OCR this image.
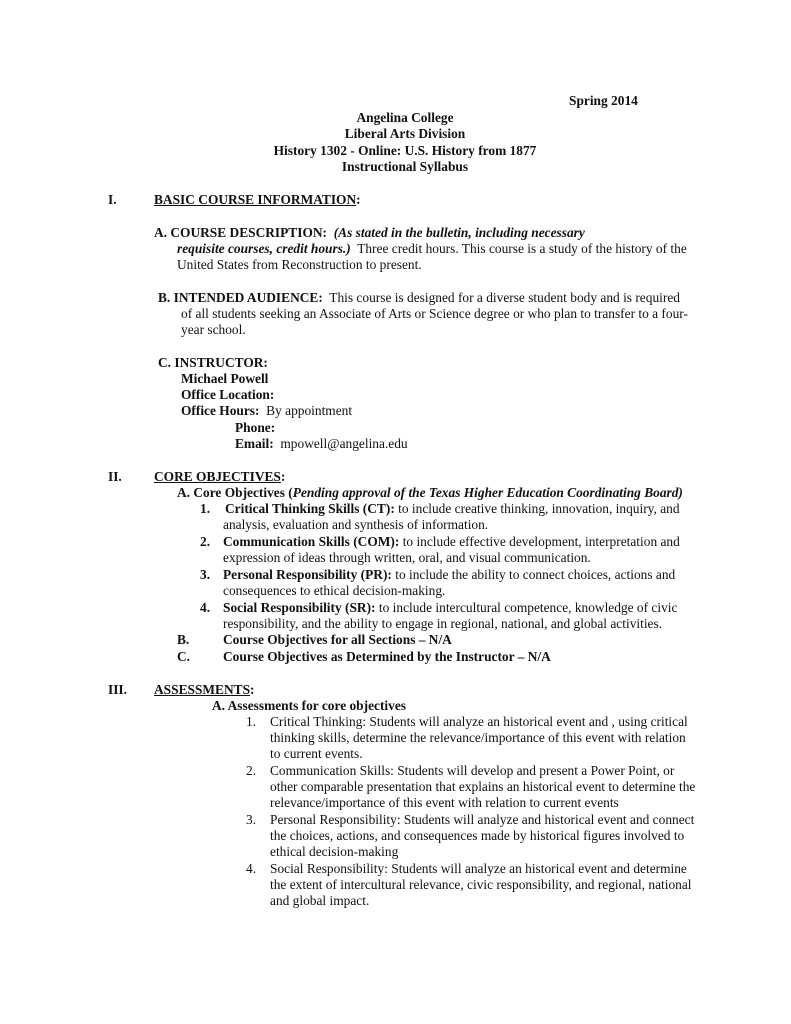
Spring 2014
Angelina College
Liberal Arts Division
History 1302 - Online: U.S. History from 1877
Instructional Syllabus
I.	BASIC COURSE INFORMATION:
A. COURSE DESCRIPTION: (As stated in the bulletin, including necessary
requisite courses, credit hours.) Three credit hours. This course is a study of the history of the
United States from Reconstruction to present.
B. INTENDED AUDIENCE: This course is designed for a diverse student body and is required
of all students seeking an Associate of Arts or Science degree or who plan to transfer to a four-
year school.
C. INSTRUCTOR:
Michael Powell
Office Location:
Office Hours: By appointment
Phone:
Email: mpowell@angelina.edu
II. CORE OBJECTIVES:
A. Core Objectives (Pending approval of the Texas Higher Education Coordinating Board)
1. Critical Thinking Skills (CT): to include creative thinking, innovation, inquiry, and
analysis, evaluation and synthesis of information.
2. Communication Skills (COM): to include effective development, interpretation and
expression of ideas through written, oral, and visual communication.
3. Personal Responsibility (PR): to include the ability to connect choices, actions and
consequences to ethical decision-making.
4. Social Responsibility (SR): to include intercultural competence, knowledge of civic
responsibility, and the ability to engage in regional, national, and global activities.
B.	Course Objectives for all Sections – N/A
C. Course Objectives as Determined by the Instructor – N/A
III. ASSESSMENTS:
A. Assessments for core objectives
1. Critical Thinking: Students will analyze an historical event and , using critical
thinking skills, determine the relevance/importance of this event with relation
to current events.
2. Communication Skills: Students will develop and present a Power Point, or
other comparable presentation that explains an historical event to determine the
relevance/importance of this event with relation to current events
3. Personal Responsibility: Students will analyze and historical event and connect
the choices, actions, and consequences made by historical figures involved to
ethical decision-making
4. Social Responsibility: Students will analyze an historical event and determine
the extent of intercultural relevance, civic responsibility, and regional, national
and global impact.
